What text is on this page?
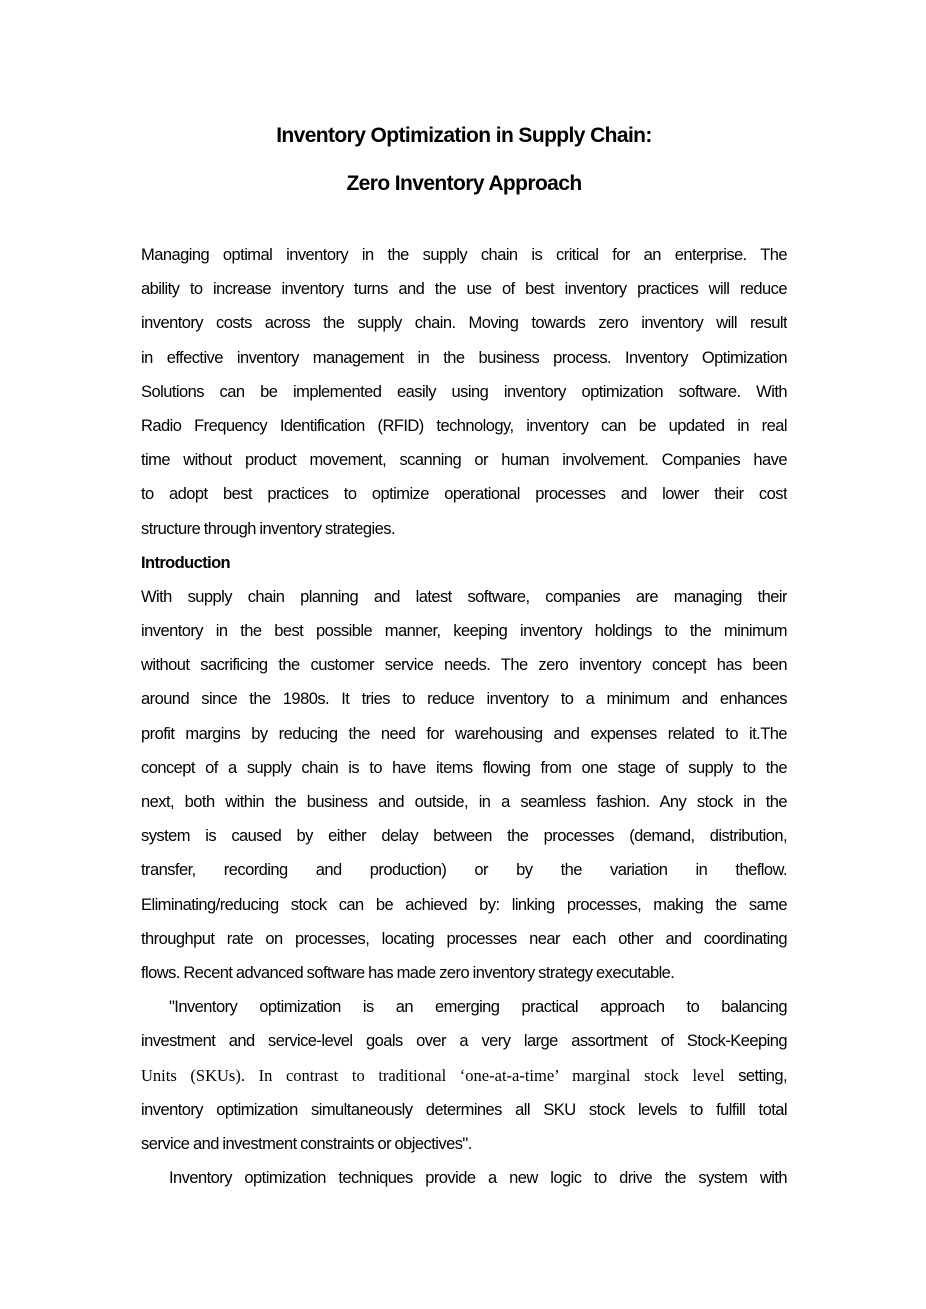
Inventory Optimization in Supply Chain:
Zero Inventory Approach
Managing optimal inventory in the supply chain is critical for an enterprise. The
ability to increase inventory turns and the use of best inventory practices will reduce
inventory costs across the supply chain. Moving towards zero inventory will result
in effective inventory management in the business process. Inventory Optimization
Solutions can be implemented easily using inventory optimization software. With
Radio Frequency Identification (RFID) technology, inventory can be updated in real
time without product movement, scanning or human involvement. Companies have
to adopt best practices to optimize operational processes and lower their cost
structure through inventory strategies.
Introduction
With supply chain planning and latest software, companies are managing their
inventory in the best possible manner, keeping inventory holdings to the minimum
without sacrificing the customer service needs. The zero inventory concept has been
around since the 1980s. It tries to reduce inventory to a minimum and enhances
profit margins by reducing the need for warehousing and expenses related to it.The
concept of a supply chain is to have items flowing from one stage of supply to the
next, both within the business and outside, in a seamless fashion. Any stock in the
system is caused by either delay between the processes (demand, distribution,
transfer, recording and production) or by the variation in theflow.
Eliminating/reducing stock can be achieved by: linking processes, making the same
throughput rate on processes, locating processes near each other and coordinating
flows. Recent advanced software has made zero inventory strategy executable.
"Inventory optimization is an emerging practical approach to balancing
investment and service-level goals over a very large assortment of Stock-Keeping
Units (SKUs). In contrast to traditional ‘one-at-a-time’ marginal stock level setting,
inventory optimization simultaneously determines all SKU stock levels to fulfill total
service and investment constraints or objectives".
Inventory optimization techniques provide a new logic to drive the system with
